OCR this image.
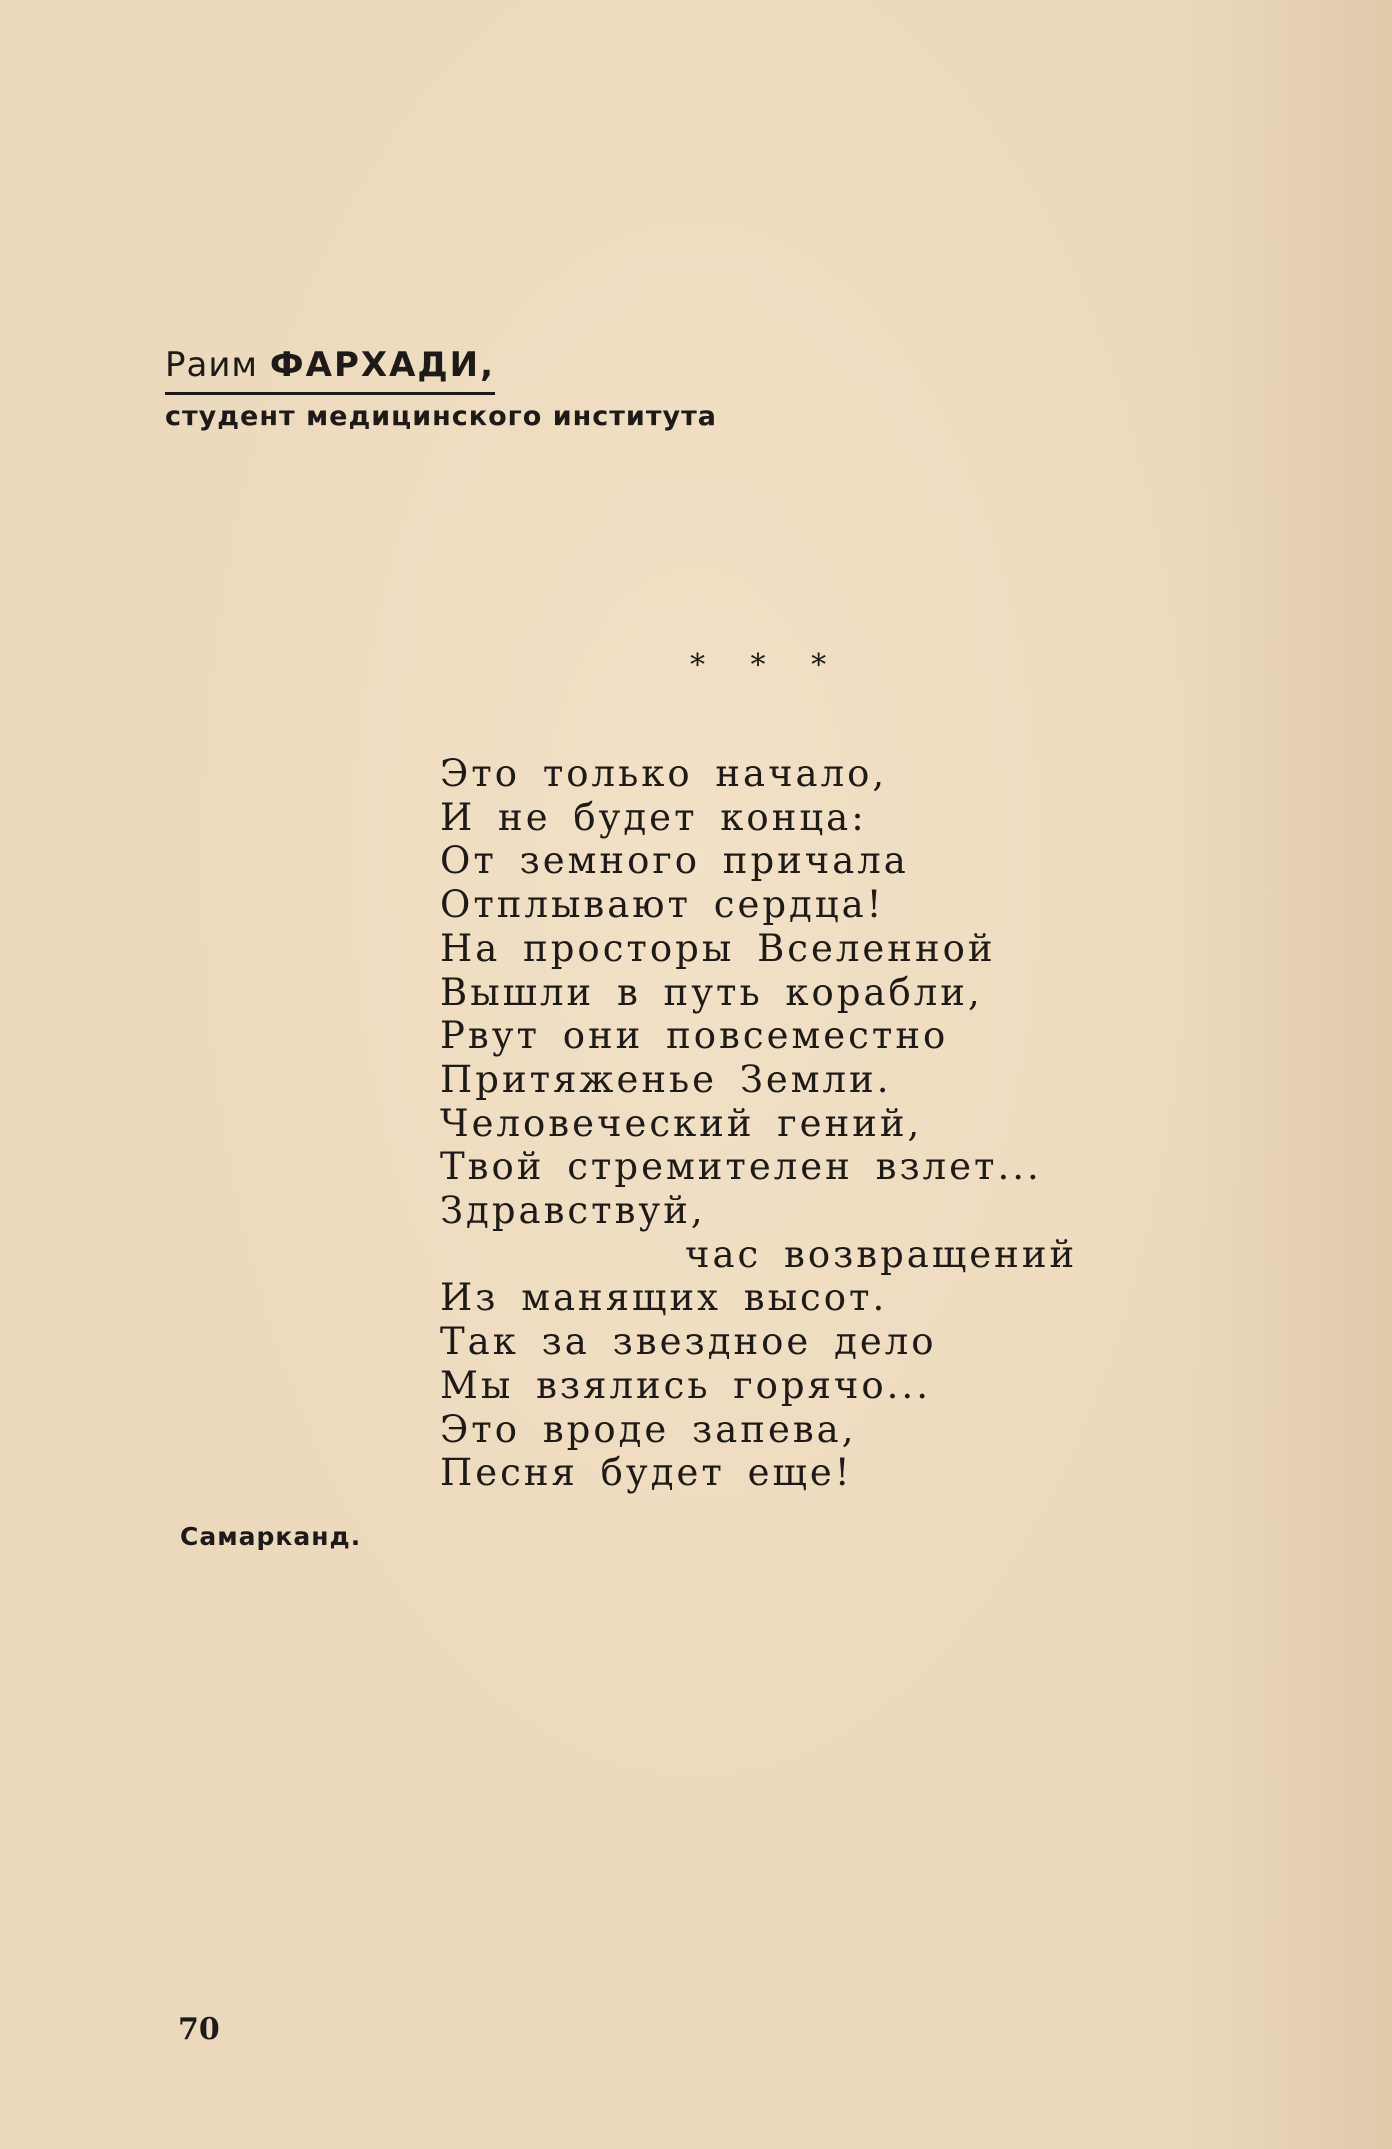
Раим ФАРХАДИ,
студент медицинского института
* * *
Это только начало,
И не будет конца:
От земного причала
Отплывают сердца!
На просторы Вселенной
Вышли в путь корабли,
Рвут они повсеместно
Притяженье Земли.
Человеческий гений,
Твой стремителен взлет...
Здравствуй,
час возвращений
Из манящих высот.
Так за звездное дело
Мы взялись горячо...
Это вроде запева,
Песня будет еще!
Самарканд.
70
